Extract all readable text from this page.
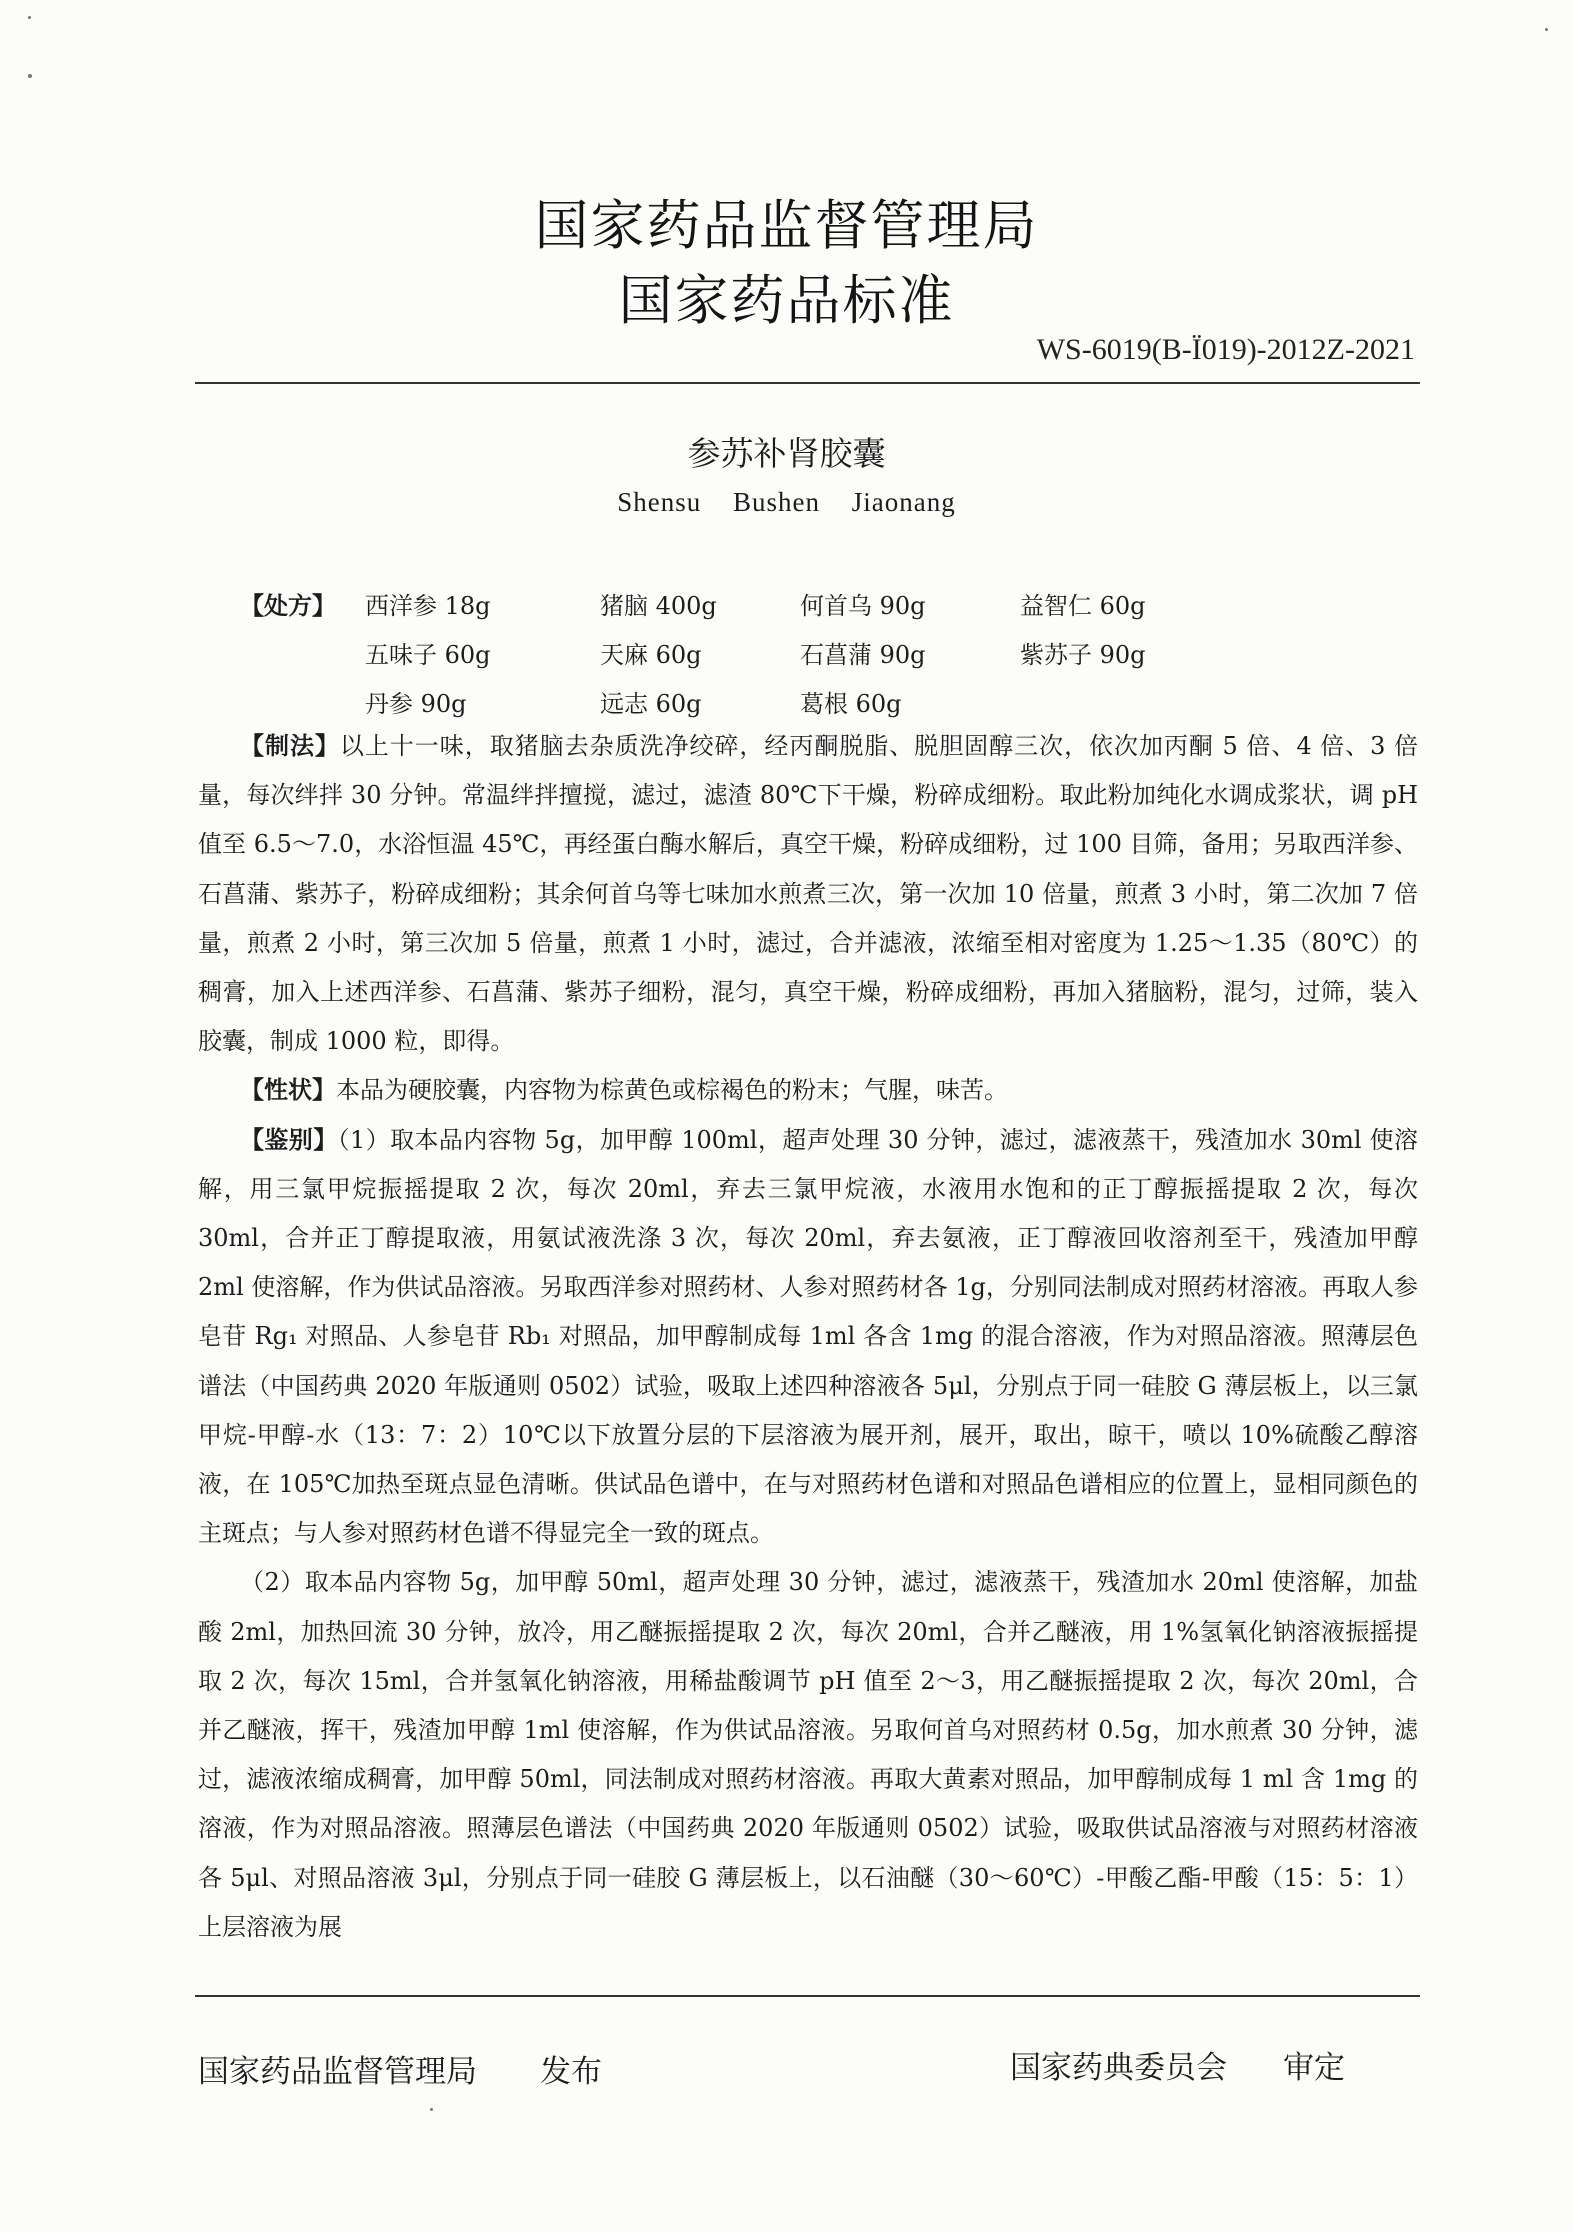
国家药品监督管理局
国家药品标准
WS-6019(B-Ï019)-2012Z-2021
参苏补肾胶囊
Shensu Bushen Jiaonang
【处方】 西洋参 18g	猪脑 400g	何首乌 90g	益智仁 60g
五味子 60g	天麻 60g	石菖蒲 90g	紫苏子 90g
丹参 90g	远志 60g	葛根 60g

【制法】以上十一味，取猪脑去杂质洗净绞碎，经丙酮脱脂、脱胆固醇三次，依次加丙酮 5 倍、4 倍、3 倍量，每次绊拌 30 分钟。常温绊拌擅搅，滤过，滤渣 80℃下干燥，粉碎成细粉。取此粉加纯化水调成浆状，调 pH 值至 6.5～7.0，水浴恒温 45℃，再经蛋白酶水解后，真空干燥，粉碎成细粉，过 100 目筛，备用；另取西洋参、石菖蒲、紫苏子，粉碎成细粉；其余何首乌等七味加水煎煮三次，第一次加 10 倍量，煎煮 3 小时，第二次加 7 倍量，煎煮 2 小时，第三次加 5 倍量，煎煮 1 小时，滤过，合并滤液，浓缩至相对密度为 1.25～1.35（80℃）的稠膏，加入上述西洋参、石菖蒲、紫苏子细粉，混匀，真空干燥，粉碎成细粉，再加入猪脑粉，混匀，过筛，装入胶囊，制成 1000 粒，即得。

【性状】本品为硬胶囊，内容物为棕黄色或棕褐色的粉末；气腥，味苦。

【鉴别】（1）取本品内容物 5g，加甲醇 100ml，超声处理 30 分钟，滤过，滤液蒸干，残渣加水 30ml 使溶解，用三氯甲烷振摇提取 2 次，每次 20ml，弃去三氯甲烷液，水液用水饱和的正丁醇振摇提取 2 次，每次 30ml，合并正丁醇提取液，用氨试液洗涤 3 次，每次 20ml，弃去氨液，正丁醇液回收溶剂至干，残渣加甲醇 2ml 使溶解，作为供试品溶液。另取西洋参对照药材、人参对照药材各 1g，分别同法制成对照药材溶液。再取人参皂苷 Rg₁ 对照品、人参皂苷 Rb₁ 对照品，加甲醇制成每 1ml 各含 1mg 的混合溶液，作为对照品溶液。照薄层色谱法（中国药典 2020 年版通则 0502）试验，吸取上述四种溶液各 5μl，分别点于同一硅胶 G 薄层板上，以三氯甲烷-甲醇-水（13：7：2）10℃以下放置分层的下层溶液为展开剂，展开，取出，晾干，喷以 10%硫酸乙醇溶液，在 105℃加热至斑点显色清晰。供试品色谱中，在与对照药材色谱和对照品色谱相应的位置上，显相同颜色的主斑点；与人参对照药材色谱不得显完全一致的斑点。

（2）取本品内容物 5g，加甲醇 50ml，超声处理 30 分钟，滤过，滤液蒸干，残渣加水 20ml 使溶解，加盐酸 2ml，加热回流 30 分钟，放冷，用乙醚振摇提取 2 次，每次 20ml，合并乙醚液，用 1%氢氧化钠溶液振摇提取 2 次，每次 15ml，合并氢氧化钠溶液，用稀盐酸调节 pH 值至 2～3，用乙醚振摇提取 2 次，每次 20ml，合并乙醚液，挥干，残渣加甲醇 1ml 使溶解，作为供试品溶液。另取何首乌对照药材 0.5g，加水煎煮 30 分钟，滤过，滤液浓缩成稠膏，加甲醇 50ml，同法制成对照药材溶液。再取大黄素对照品，加甲醇制成每 1 ml 含 1mg 的溶液，作为对照品溶液。照薄层色谱法（中国药典 2020 年版通则 0502）试验，吸取供试品溶液与对照药材溶液各 5μl、对照品溶液 3μl，分别点于同一硅胶 G 薄层板上，以石油醚（30～60℃）-甲酸乙酯-甲酸（15：5：1）上层溶液为展

国家药品监督管理局 发布	国家药典委员会 审定
